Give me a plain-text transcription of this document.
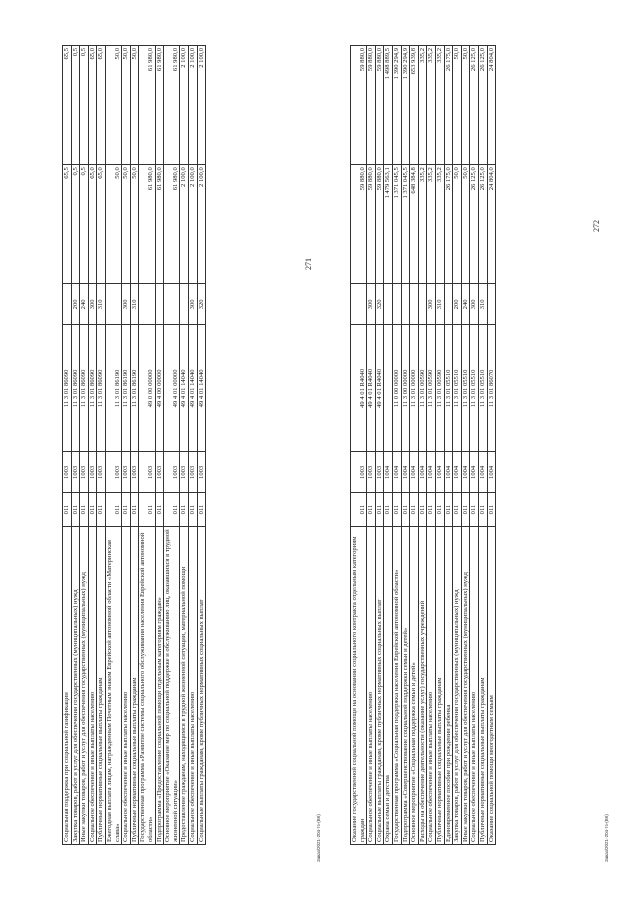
271
Социальная поддержка при социальной газификации	011	1003	11 3 01 86090		65,5	65,5
Закупка товаров, работ и услуг для обеспечения государственных (муниципальных) нужд	011	1003	11 3 01 86090	200	0,5	0,5
Иные закупки товаров, работ и услуг для обеспечения государственных (муниципальных) нужд	011	1003	11 3 01 86090	240	0,5	0,5
Социальное обеспечение и иные выплаты населению	011	1003	11 3 01 86090	300	65,0	65,0
Публичные нормативные социальные выплаты гражданам	011	1003	11 3 01 86090	310	65,0	65,0
Ежегодная выплата лицам, награжденным Почетным знаком Еврейской автономной области «Материнская слава»	011	1003	11 3 01 86190		50,0	50,0
Социальное обеспечение и иные выплаты населению	011	1003	11 3 01 86190	300	50,0	50,0
Публичные нормативные социальные выплаты гражданам	011	1003	11 3 01 86190	310	50,0	50,0
Государственная программа «Развитие системы социального обслуживания населения Еврейской автономной области»	011	1003	49 0 00 00000		61 980,0	61 980,0
Подпрограмма «Предоставление социальной помощи отдельным категориям граждан»	011	1003	49 4 00 00000		61 980,0	61 980,0
Основное мероприятие «Оказание мер по социальной поддержке и обслуживанию лиц, оказавшихся в трудной жизненной ситуации»	011	1003	49 4 01 00000		61 980,0	61 980,0
Предоставление гражданам, находящимся в трудной жизненной ситуации, материальной помощи	011	1003	49 4 01 14040		2 100,0	2 100,0
Социальное обеспечение и иные выплаты населению	011	1003	49 4 01 14040	300	2 100,0	2 100,0
Социальные выплаты гражданам, кроме публичных нормативных социальных выплат	011	1003	49 4 01 14040	320	2 100,0	2 100,0
Заказ/2021-204-тз-(ВК)
272
Оказание государственной социальной помощи на основании социального контракта отдельным категориям граждан	011	1003	49 4 01 R4040		59 880,0	59 880,0
Социальное обеспечение и иные выплаты населению	011	1003	49 4 01 R4040	300	59 880,0	59 880,0
Социальные выплаты гражданам, кроме публичных нормативных социальных выплат	011	1003	49 4 01 R4040	320	59 880,0	59 880,0
Охрана семьи и детства	011	1004			1 479 563,1	1 498 889,5
Государственная программа «Социальная поддержка населения Еврейской автономной области»	011	1004	11 0 00 00000		1 371 045,5	1 390 294,9
Подпрограмма «Совершенствование социальной поддержки семьи и детей»	011	1004	11 3 00 00000		1 371 045,5	1 390 294,9
Основное мероприятие «Социальная поддержка семьи и детей»	011	1004	11 3 01 00000		648 384,8	653 939,8
Расходы на обеспечение деятельности (оказание услуг) государственных учреждений	011	1004	11 3 01 00590		335,2	335,2
Социальное обеспечение и иные выплаты населению	011	1004	11 3 01 00590	300	335,2	335,2
Публичные нормативные социальные выплаты гражданам	011	1004	11 3 01 00590	310	335,2	335,2
Единовременное пособие при рождении ребенка	011	1004	11 3 01 05510		26 175,0	26 175,0
Закупка товаров, работ и услуг для обеспечения государственных (муниципальных) нужд	011	1004	11 3 01 05510	200	50,0	50,0
Иные закупки товаров, работ и услуг для обеспечения государственных (муниципальных) нужд	011	1004	11 3 01 05510	240	50,0	50,0
Социальное обеспечение и иные выплаты населению	011	1004	11 3 01 05510	300	26 125,0	26 125,0
Публичные нормативные социальные выплаты гражданам	011	1004	11 3 01 05510	310	26 125,0	26 125,0
Оказание социальной помощи многодетным семьям	011	1004	11 3 01 86070		24 804,0	24 804,0
Заказ/2021-204-тз-(ВК)
